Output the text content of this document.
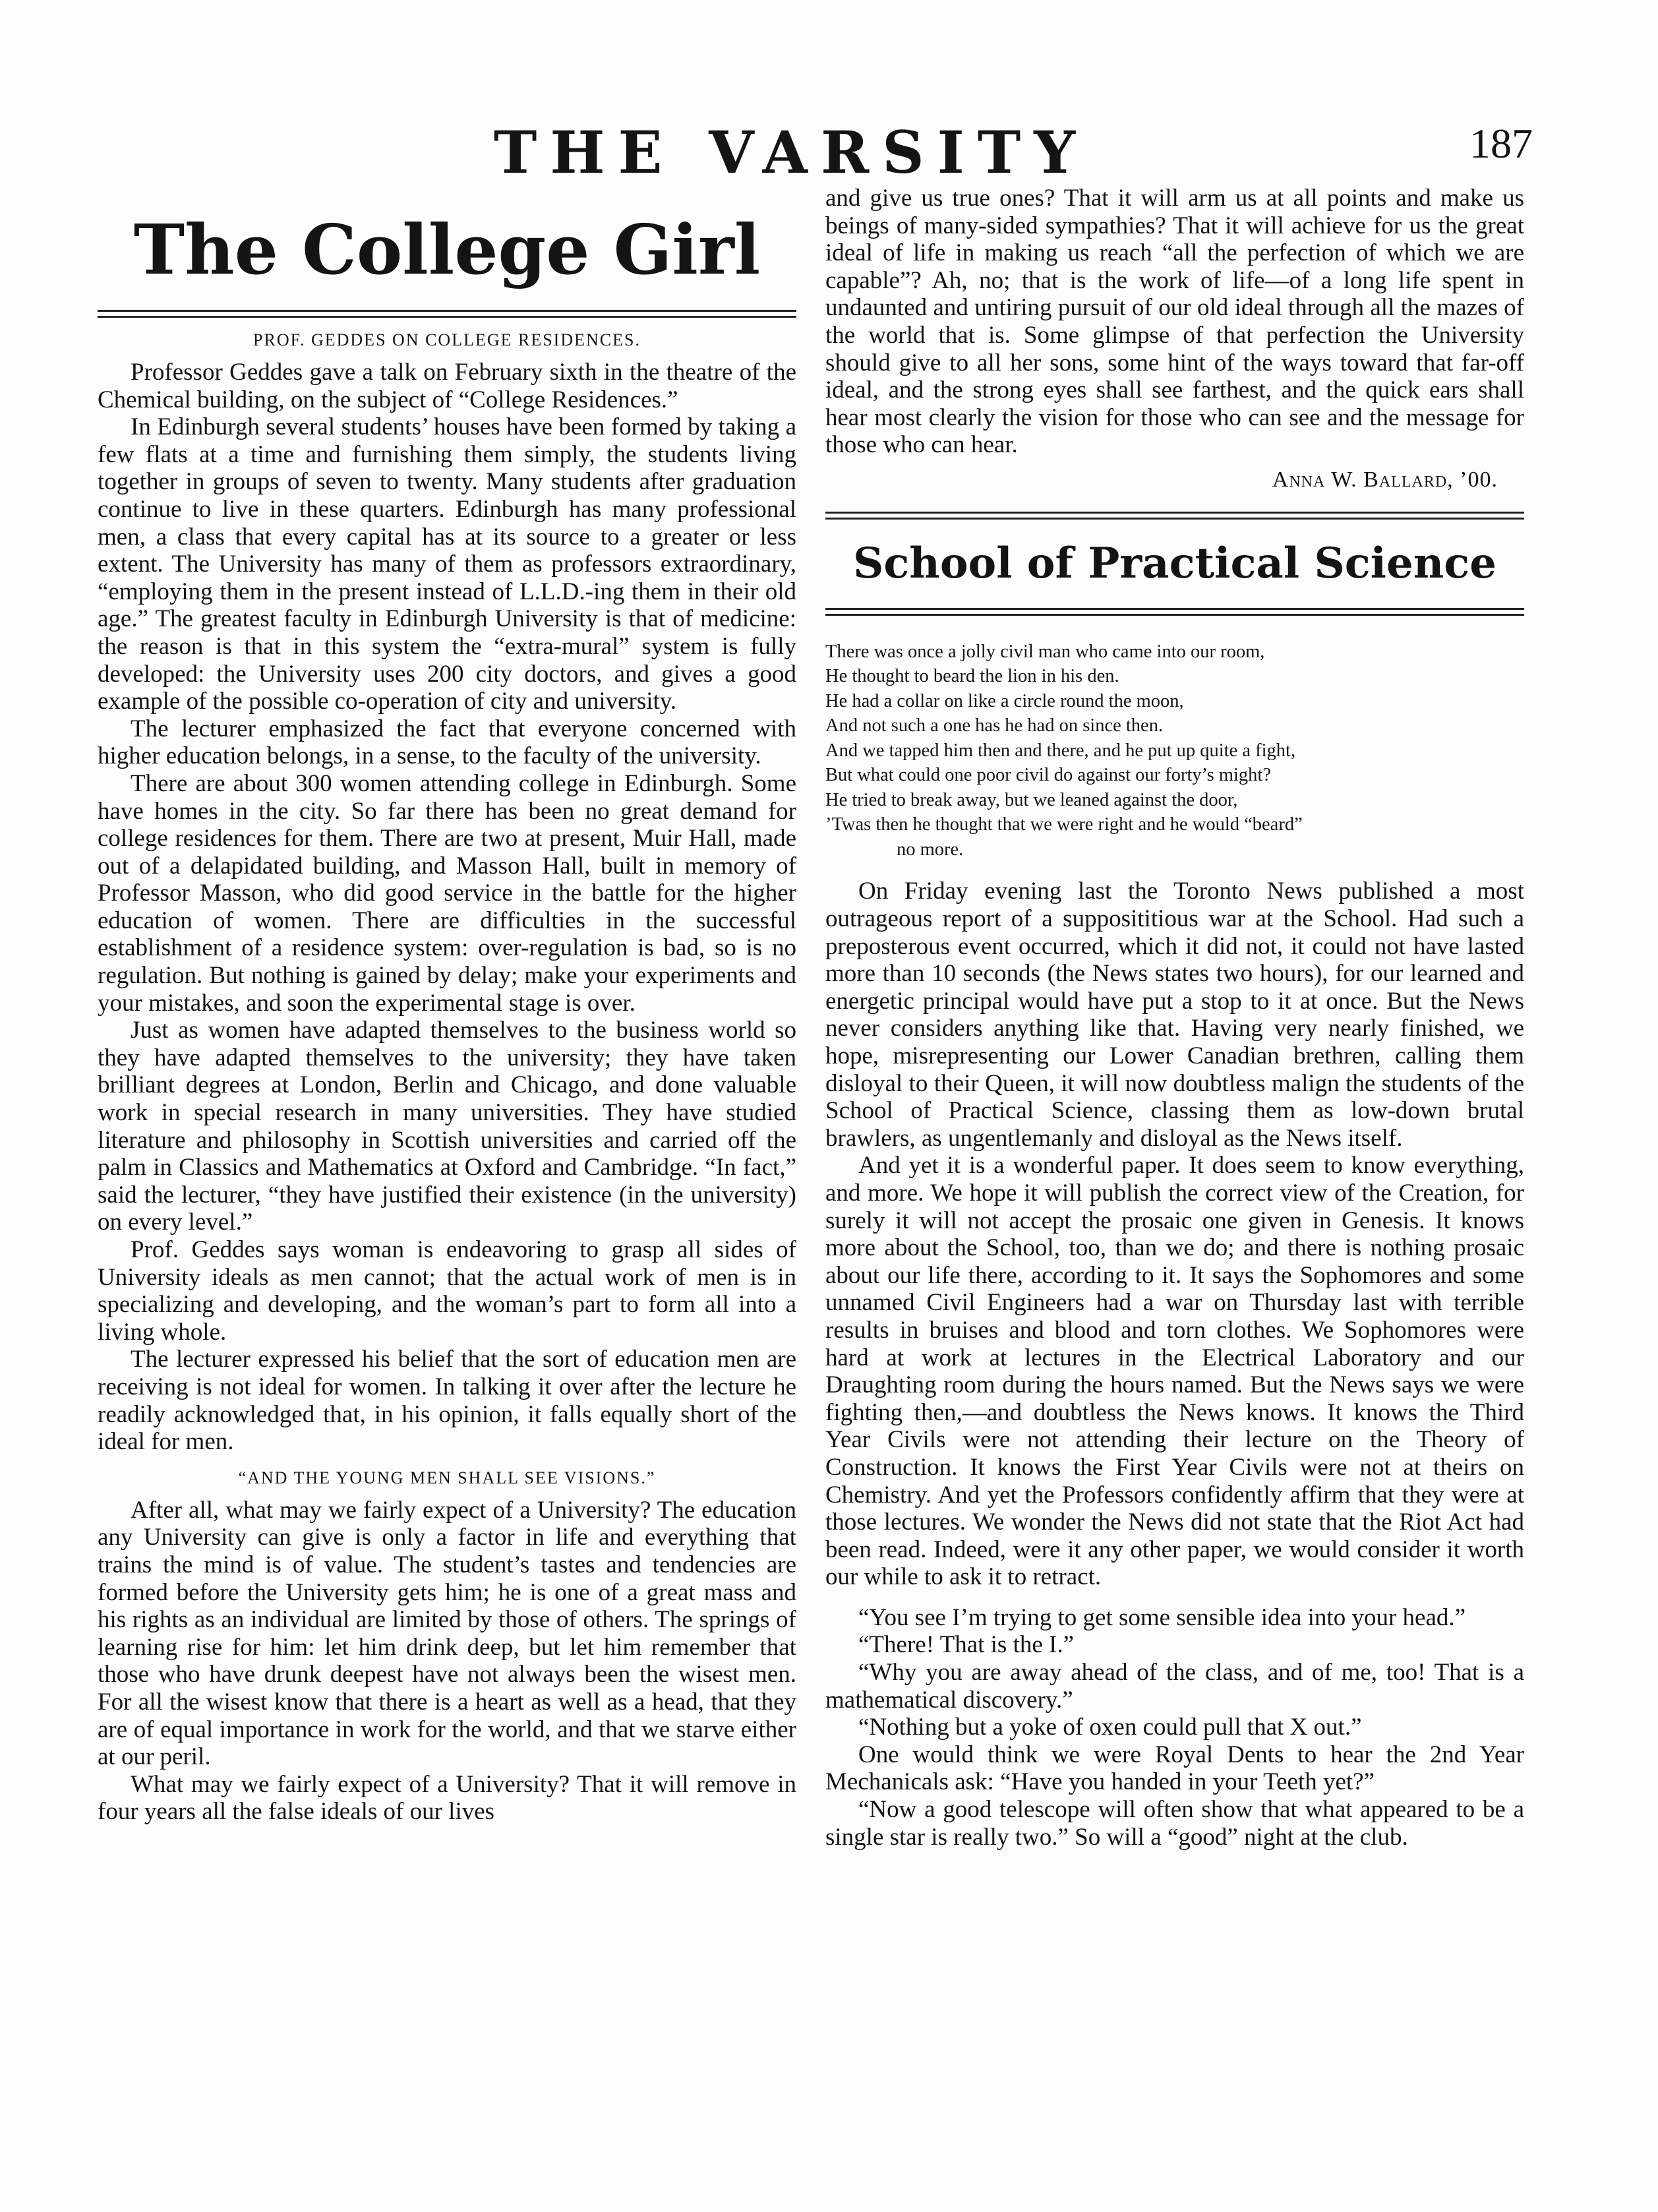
THE VARSITY	187
The College Girl
PROF. GEDDES ON COLLEGE RESIDENCES.

Professor Geddes gave a talk on February sixth in the theatre of the Chemical building, on the subject of “College Residences.”

In Edinburgh several students’ houses have been formed by taking a few flats at a time and furnishing them simply, the students living together in groups of seven to twenty. Many students after graduation continue to live in these quarters. Edinburgh has many professional men, a class that every capital has at its source to a greater or less extent. The University has many of them as professors extraordinary, “employing them in the present instead of L.L.D.-ing them in their old age.” The greatest faculty in Edinburgh University is that of medicine: the reason is that in this system the “extra-mural” system is fully developed: the University uses 200 city doctors, and gives a good example of the possible co-operation of city and university.

The lecturer emphasized the fact that everyone concerned with higher education belongs, in a sense, to the faculty of the university.

There are about 300 women attending college in Edinburgh. Some have homes in the city. So far there has been no great demand for college residences for them. There are two at present, Muir Hall, made out of a delapidated building, and Masson Hall, built in memory of Professor Masson, who did good service in the battle for the higher education of women. There are difficulties in the successful establishment of a residence system: over-regulation is bad, so is no regulation. But nothing is gained by delay; make your experiments and your mistakes, and soon the experimental stage is over.

Just as women have adapted themselves to the business world so they have adapted themselves to the university; they have taken brilliant degrees at London, Berlin and Chicago, and done valuable work in special research in many universities. They have studied literature and philosophy in Scottish universities and carried off the palm in Classics and Mathematics at Oxford and Cambridge. “In fact,” said the lecturer, “they have justified their existence (in the university) on every level.”

Prof. Geddes says woman is endeavoring to grasp all sides of University ideals as men cannot; that the actual work of men is in specializing and developing, and the woman’s part to form all into a living whole.

The lecturer expressed his belief that the sort of education men are receiving is not ideal for women. In talking it over after the lecture he readily acknowledged that, in his opinion, it falls equally short of the ideal for men.

“AND THE YOUNG MEN SHALL SEE VISIONS.”

After all, what may we fairly expect of a University? The education any University can give is only a factor in life and everything that trains the mind is of value. The student’s tastes and tendencies are formed before the University gets him; he is one of a great mass and his rights as an individual are limited by those of others. The springs of learning rise for him: let him drink deep, but let him remember that those who have drunk deepest have not always been the wisest men. For all the wisest know that there is a heart as well as a head, that they are of equal importance in work for the world, and that we starve either at our peril.

What may we fairly expect of a University? That it will remove in four years all the false ideals of our lives

and give us true ones? That it will arm us at all points and make us beings of many-sided sympathies? That it will achieve for us the great ideal of life in making us reach “all the perfection of which we are capable”? Ah, no; that is the work of life—of a long life spent in undaunted and untiring pursuit of our old ideal through all the mazes of the world that is. Some glimpse of that perfection the University should give to all her sons, some hint of the ways toward that far-off ideal, and the strong eyes shall see farthest, and the quick ears shall hear most clearly the vision for those who can see and the message for those who can hear.

Anna W. Ballard, ’00.
School of Practical Science
There was once a jolly civil man who came into our room,
He thought to beard the lion in his den.
He had a collar on like a circle round the moon,
And not such a one has he had on since then.
And we tapped him then and there, and he put up quite a fight,
But what could one poor civil do against our forty’s might?
He tried to break away, but we leaned against the door,
’Twas then he thought that we were right and he would “beard”
no more.

On Friday evening last the Toronto News published a most outrageous report of a supposititious war at the School. Had such a preposterous event occurred, which it did not, it could not have lasted more than 10 seconds (the News states two hours), for our learned and energetic principal would have put a stop to it at once. But the News never considers anything like that. Having very nearly finished, we hope, misrepresenting our Lower Canadian brethren, calling them disloyal to their Queen, it will now doubtless malign the students of the School of Practical Science, classing them as low-down brutal brawlers, as ungentlemanly and disloyal as the News itself.

And yet it is a wonderful paper. It does seem to know everything, and more. We hope it will publish the correct view of the Creation, for surely it will not accept the prosaic one given in Genesis. It knows more about the School, too, than we do; and there is nothing prosaic about our life there, according to it. It says the Sophomores and some unnamed Civil Engineers had a war on Thursday last with terrible results in bruises and blood and torn clothes. We Sophomores were hard at work at lectures in the Electrical Laboratory and our Draughting room during the hours named. But the News says we were fighting then,—and doubtless the News knows. It knows the Third Year Civils were not attending their lecture on the Theory of Construction. It knows the First Year Civils were not at theirs on Chemistry. And yet the Professors confidently affirm that they were at those lectures. We wonder the News did not state that the Riot Act had been read. Indeed, were it any other paper, we would consider it worth our while to ask it to retract.

“You see I’m trying to get some sensible idea into your head.”

“There! That is the I.”

“Why you are away ahead of the class, and of me, too! That is a mathematical discovery.”

“Nothing but a yoke of oxen could pull that X out.”

One would think we were Royal Dents to hear the 2nd Year Mechanicals ask: “Have you handed in your Teeth yet?”

“Now a good telescope will often show that what appeared to be a single star is really two.” So will a “good” night at the club.
